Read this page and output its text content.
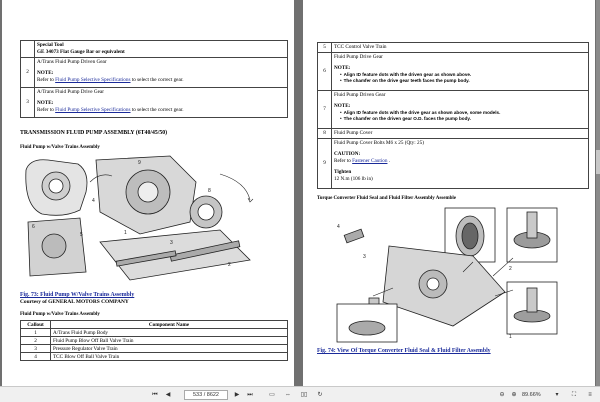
	Special Tool
GE 34073 Flat Gauge Bar or equivalent

2	A/Trans Fluid Pump Driven Gear
NOTE:
Refer to Fluid Pump Selective Specifications to select the correct gear.

3	A/Trans Fluid Pump Drive Gear
NOTE:
Refer to Fluid Pump Selective Specifications to select the correct gear.
TRANSMISSION FLUID PUMP ASSEMBLY (6T40/45/50)
Fluid Pump w/Valve Trains Assembly
9
8
4
5
3
2
1
6
Fig. 73: Fluid Pump W/Valve Trains Assembly
Courtesy of GENERAL MOTORS COMPANY
Fluid Pump w/Valve Trains Assembly
Callout	Component Name
1	A/Trans Fluid Pump Body
2	Fluid Pump Blow Off Ball Valve Train
3	Pressure Regulator Valve Train
4	TCC Blow Off Ball Valve Train
5	TCC Control Valve Train
6	Fluid Pump Drive Gear
NOTE:
• Align ID feature dots with the driven gear as shown above.
• The chamfer on the drive gear teeth faces the pump body.

7	Fluid Pump Driven Gear
NOTE:
• Align ID feature dots with the drive gear as shown above, some models.
• The chamfer on the driven gear O.D. faces the pump body.

8	Fluid Pump Cover
9	Fluid Pump Cover Bolts M6 x 25 (Qty: 25)
CAUTION:
Refer to Fastener Caution .
Tighten
12 N.m (106 lb in)
Torque Converter Fluid Seal and Fluid Filter Assembly Assemble
4
3
2
1
Fig. 74: View Of Torque Converter Fluid Seal & Fluid Filter Assembly
⏮	◀	533 / 8622	▶	⏭	▭	⇔	▯▯	↻	⊖	⊕ 89.66%	▾	⛶	≡
